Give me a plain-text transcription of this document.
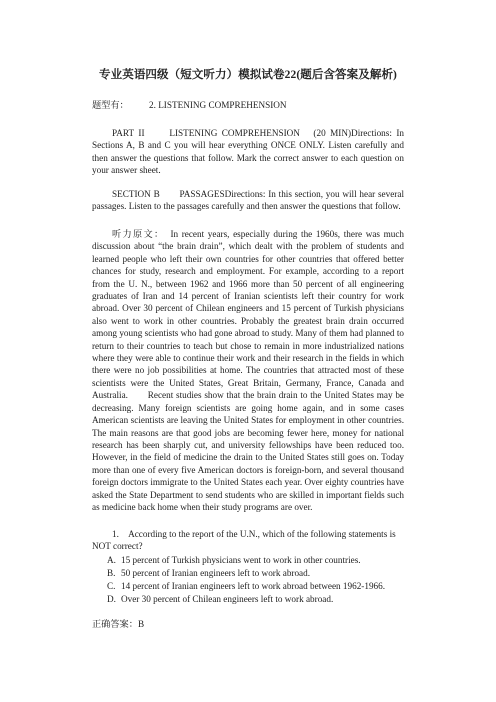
专业英语四级（短文听力）模拟试卷22(题后含答案及解析)
题型有： 2. LISTENING COMPREHENSION
PART II　　LISTENING COMPREHENSION　(20 MIN)Directions: In Sections A, B and C you will hear everything ONCE ONLY. Listen carefully and then answer the questions that follow. Mark the correct answer to each question on your answer sheet.
SECTION B　　PASSAGESDirections: In this section, you will hear several passages. Listen to the passages carefully and then answer the questions that follow.
听力原文：　 In recent years, especially during the 1960s, there was much discussion about “the brain drain”, which dealt with the problem of students and learned people who left their own countries for other countries that offered better chances for study, research and employment. For example, according to a report from the U. N., between 1962 and 1966 more than 50 percent of all engineering graduates of Iran and 14 percent of Iranian scientists left their country for work abroad. Over 30 percent of Chilean engineers and 15 percent of Turkish physicians also went to work in other countries. Probably the greatest brain drain occurred among young scientists who had gone abroad to study. Many of them had planned to return to their countries to teach but chose to remain in more industrialized nations where they were able to continue their work and their research in the fields in which there were no job possibilities at home. The countries that attracted most of these scientists were the United States, Great Britain, Germany, France, Canada and Australia.　　Recent studies show that the brain drain to the United States may be decreasing. Many foreign scientists are going home again, and in some cases American scientists are leaving the United States for employment in other countries. The main reasons are that good jobs are becoming fewer here, money for national research has been sharply cut, and university fellowships have been reduced too. However, in the field of medicine the drain to the United States still goes on. Today more than one of every five American doctors is foreign-born, and several thousand foreign doctors immigrate to the United States each year. Over eighty countries have asked the State Department to send students who are skilled in important fields such as medicine back home when their study programs are over.
1.　According to the report of the U.N., which of the following statements is NOT correct?
A. 15 percent of Turkish physicians went to work in other countries.
B. 50 percent of Iranian engineers left to work abroad.
C. 14 percent of Iranian engineers left to work abroad between 1962-1966.
D. Over 30 percent of Chilean engineers left to work abroad.
正确答案：B
